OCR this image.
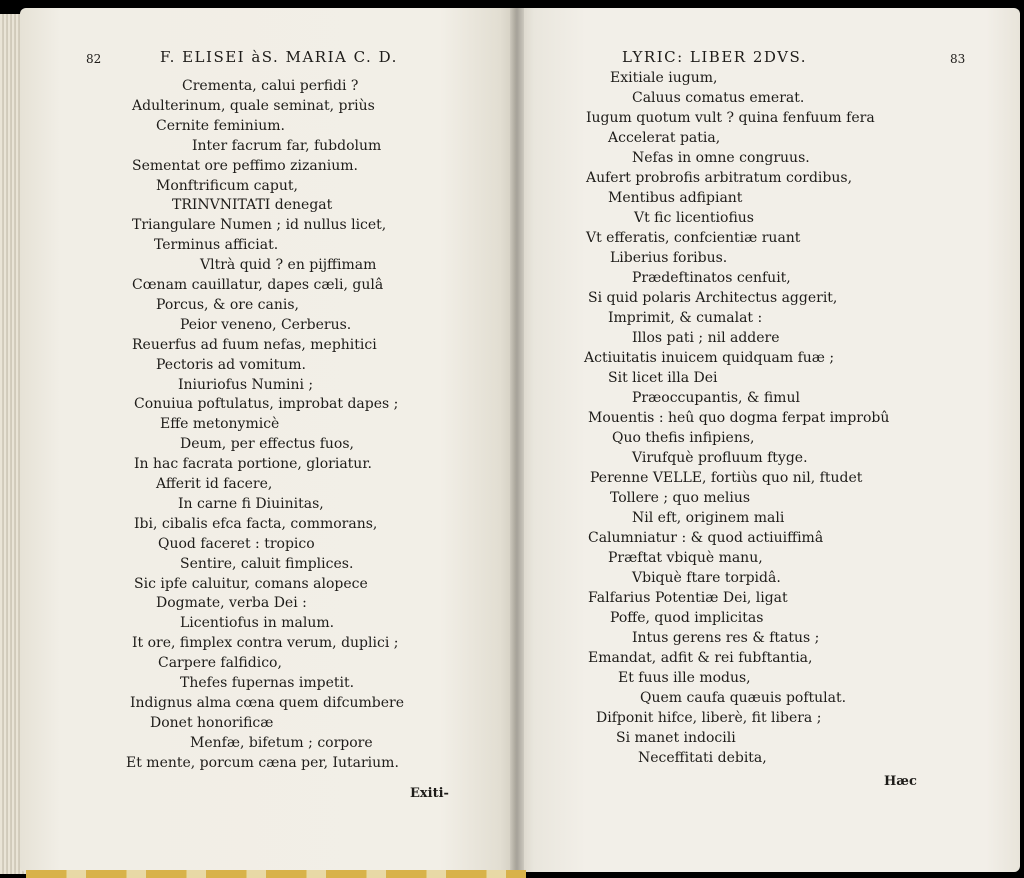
82	F. ELISEI àS. MARIA C. D.
Crementa, calui perfidi ?
Adulterinum, quale seminat, priùs
Cernite feminium.
Inter facrum far, fubdolum
Sementat ore peffimo zizanium.
Monftrificum caput,
TRINVNITATI denegat
Triangulare Numen ; id nullus licet,
Terminus afficiat.
Vltrà quid ? en pijffimam
Cœnam cauillatur, dapes cæli, gulâ
Porcus, & ore canis,
Peior veneno, Cerberus.
Reuerfus ad fuum nefas, mephitici
Pectoris ad vomitum.
Iniuriofus Numini ;
Conuiua poftulatus, improbat dapes ;
Effe metonymicè
Deum, per effectus fuos,
In hac facrata portione, gloriatur.
Afferit id facere,
In carne fi Diuinitas,
Ibi, cibalis efca facta, commorans,
Quod faceret : tropico
Sentire, caluit fimplices.
Sic ipfe caluitur, comans alopece
Dogmate, verba Dei :
Licentiofus in malum.
It ore, fimplex contra verum, duplici ;
Carpere falfidico,
Thefes fupernas impetit.
Indignus alma cœna quem difcumbere
Donet honorificæ
Menfæ, bifetum ; corpore
Et mente, porcum cæna per, Iutarium.
Exiti-
LYRIC: LIBER 2DVS.	83
Exitiale iugum,
Caluus comatus emerat.
Iugum quotum vult ? quina fenfuum fera
Accelerat patia,
Nefas in omne congruus.
Aufert probrofis arbitratum cordibus,
Mentibus adfipiant
Vt fic licentiofius
Vt efferatis, confcientiæ ruant
Liberius foribus.
Prædeftinatos cenfuit,
Si quid polaris Architectus aggerit,
Imprimit, & cumalat :
Illos pati ; nil addere
Actiuitatis inuicem quidquam fuæ ;
Sit licet illa Dei
Præoccupantis, & fimul
Mouentis : heû quo dogma ferpat improbû
Quo thefis infipiens,
Virufquè profluum ftyge.
Perenne VELLE, fortiùs quo nil, ftudet
Tollere ; quo melius
Nil eft, originem mali
Calumniatur : & quod actiuiffimâ
Præftat vbiquè manu,
Vbiquè ftare torpidâ.
Falfarius Potentiæ Dei, ligat
Poffe, quod implicitas
Intus gerens res & ftatus ;
Emandat, adfit & rei fubftantia,
Et fuus ille modus,
Quem caufa quæuis poftulat.
Difponit hifce, liberè, fit libera ;
Si manet indocili
Neceffitati debita,
Hæc
